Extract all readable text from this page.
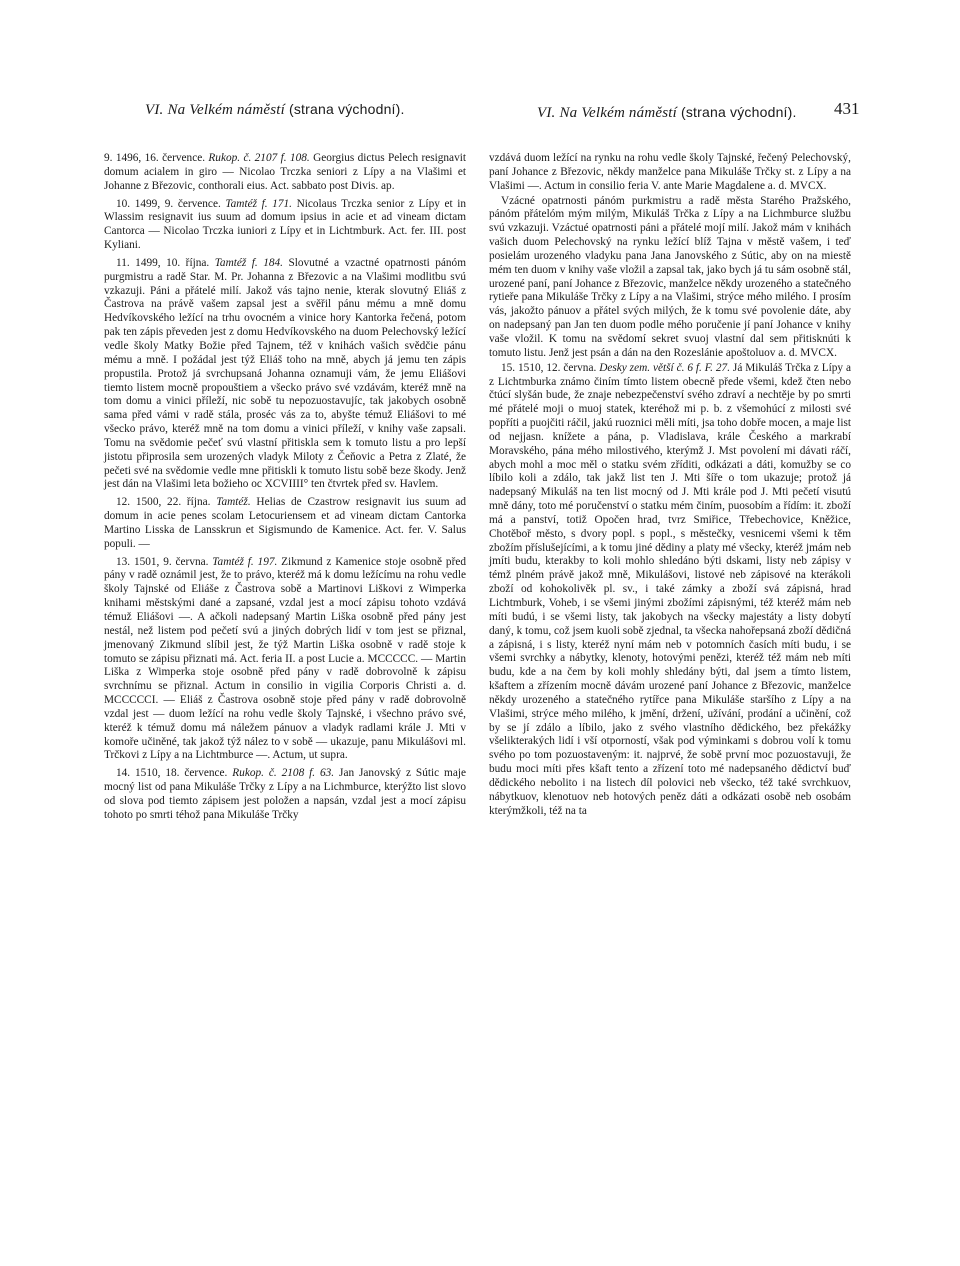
VI. Na Velkém náměstí (strana východní).	VI. Na Velkém náměstí (strana východní). 431

9. 1496, 16. července. Rukop. č. 2107 f. 108. Georgius dictus Pelech resignavit domum acialem in giro — Nicolao Trczka seniori z Lípy a na Vlašimi et Johanne z Březovic, conthorali eius. Act. sabbato post Divis. ap.

10. 1499, 9. července. Tamtéž f. 171. Nicolaus Trczka senior z Lípy et in Wlassim resignavit ius suum ad domum ipsius in acie et ad vineam dictam Cantorca — Nicolao Trczka iuniori z Lípy et in Lichtmburk. Act. fer. III. post Kyliani.

11. 1499, 10. října. Tamtéž f. 184. Slovutné a vzactné opatrnosti pánóm purgmistru a radě Star. M. Pr. Johanna z Březovic a na Vlašimi modlitbu svú vzkazuji. Páni a přátelé milí. Jakož vás tajno nenie, kterak slovutný Eliáš z Častrova na právě vašem zapsal jest a svěřil pánu mému a mně domu Hedvíkovského ležící na trhu ovocném a vinice hory Kantorka řečená, potom pak ten zápis převeden jest z domu Hedvíkovského na duom Pelechovský ležící vedle školy Matky Božie před Tajnem, též v knihách vašich svědčie pánu mému a mně. I požádal jest týž Eliáš toho na mně, abych já jemu ten zápis propustila. Protož já svrchupsaná Johanna oznamuji vám, že jemu Eliášovi tiemto listem mocně propouštiem a všecko právo své vzdávám, kteréž mně na tom domu a vinici příleží, nic sobě tu nepozuostavujíc, tak jakobych osobně sama před vámi v radě stála, proséc vás za to, abyšte témuž Eliášovi to mé všecko právo, kteréž mně na tom domu a vinici příleží, v knihy vaše zapsali. Tomu na svědomie pečeť svú vlastní přitiskla sem k tomuto listu a pro lepší jistotu připrosila sem urozených vladyk Miloty z Čeňovic a Petra z Zlaté, že pečeti své na svědomie vedle mne přitiskli k tomuto listu sobě beze škody. Jenž jest dán na Vlašimi leta božieho oc XCVIIII° ten čtvrtek před sv. Havlem.

12. 1500, 22. října. Tamtéž. Helias de Czastrow resignavit ius suum ad domum in acie penes scolam Letocuriensem et ad vineam dictam Cantorka Martino Lisska de Lansskrun et Sigismundo de Kamenice. Act. fer. V. Salus populi. —

13. 1501, 9. června. Tamtéž f. 197. Zikmund z Kamenice stoje osobně před pány v radě oznámil jest, že to právo, kteréž má k domu ležícímu na rohu vedle školy Tajnské od Eliáše z Častrova sobě a Martinovi Liškovi z Wimperka knihami městskými dané a zapsané, vzdal jest a mocí zápisu tohoto vzdává témuž Eliášovi —. A ačkoli nadepsaný Martin Liška osobně před pány jest nestál, než listem pod pečetí svú a jiných dobrých lidí v tom jest se přiznal, jmenovaný Zikmund slíbil jest, že týž Martin Liška osobně v radě stoje k tomuto se zápisu přiznati má. Act. feria II. a post Lucie a. MCCCCC. — Martin Liška z Wimperka stoje osobně před pány v radě dobrovolně k zápisu svrchnímu se přiznal. Actum in consilio in vigilia Corporis Christi a. d. MCCCCCI. — Eliáš z Častrova osobně stoje před pány v radě dobrovolně vzdal jest — duom ležící na rohu vedle školy Tajnské, i všechno právo své, kteréž k témuž domu má náležem pánuov a vladyk radlami krále J. Mti v komoře učiněné, tak jakož týž nález to v sobě — ukazuje, panu Mikulášovi ml. Trčkovi z Lípy a na Lichtmburce —. Actum, ut supra.

14. 1510, 18. července. Rukop. č. 2108 f. 63. Jan Janovský z Sútic maje mocný list od pana Mikuláše Trčky z Lípy a na Lichmburce, kterýžto list slovo od slova pod tiemto zápisem jest položen a napsán, vzdal jest a mocí zápisu tohoto po smrti téhož pana Mikuláše Trčky

vzdává duom ležící na rynku na rohu vedle školy Tajnské, řečený Pelechovský, paní Johance z Březovic, někdy manželce pana Mikuláše Trčky st. z Lípy a na Vlašimi —. Actum in consilio feria V. ante Marie Magdalene a. d. MVCX.

Vzácné opatrnosti pánóm purkmistru a radě města Starého Pražského, pánóm přátelóm mým milým, Mikuláš Trčka z Lípy a na Lichmburce službu svú vzkazuji. Vzáctué opatrnosti páni a přátelé mojí milí. Jakož mám v knihách vašich duom Pelechovský na rynku ležící blíž Tajna v městě vašem, i teď posielám urozeného vladyku pana Jana Janovského z Sútic, aby on na miestě mém ten duom v knihy vaše vložil a zapsal tak, jako bych já tu sám osobně stál, urozené paní, paní Johance z Březovic, manželce někdy urozeného a statečného rytieře pana Mikuláše Trčky z Lípy a na Vlašimi, strýce mého milého. I prosím vás, jakožto pánuov a přátel svých milých, že k tomu své povolenie dáte, aby on nadepsaný pan Jan ten duom podle mého poručenie jí paní Johance v knihy vaše vložil. K tomu na svědomí sekret svuoj vlastní dal sem přitisknúti k tomuto listu. Jenž jest psán a dán na den Rozeslánie apoštoluov a. d. MVCX.

15. 1510, 12. června. Desky zem. větší č. 6 f. F. 27. Já Mikuláš Trčka z Lípy a z Lichtmburka známo činím tímto listem obecně přede všemi, kdež čten nebo čtúcí slyšán bude, že znaje nebezpečenství svého zdraví a nechtěje by po smrti mé přátelé moji o muoj statek, kteréhož mi p. b. z všemohúcí z milosti své popříti a puojčiti ráčil, jakú ruoznici měli míti, jsa toho dobře mocen, a maje list od nejjasn. knížete a pána, p. Vladislava, krále Českého a markrabí Moravského, pána mého milostivého, kterýmž J. Mst povolení mi dávati ráčí, abych mohl a moc měl o statku svém zříditi, odkázati a dáti, komužby se co líbilo koli a zdálo, tak jakž list ten J. Mti šíře o tom ukazuje; protož já nadepsaný Mikuláš na ten list mocný od J. Mti krále pod J. Mti pečetí visutú mně dány, toto mé poručenství o statku mém činím, puosobím a řídím: it. zboží má a panství, totiž Opočen hrad, tvrz Smiřice, Třebechovice, Kněžice, Chotěboř město, s dvory popl. s popl., s městečky, vesnicemi všemi k těm zbožím příslušejícími, a k tomu jiné dědiny a platy mé všecky, kteréž jmám neb jmíti budu, kterakby to koli mohlo shledáno býti dskami, listy neb zápisy v témž plném právě jakož mně, Mikulášovi, listové neb zápisové na kterákoli zboží od kohokolivěk pl. sv., i také zámky a zboží svá zápisná, hrad Lichtmburk, Voheb, i se všemi jinými zbožími zápisnými, též kteréž mám neb míti budú, i se všemi listy, tak jakobych na všecky majestáty a listy dobytí daný, k tomu, což jsem kuoli sobě zjednal, ta všecka nahořepsaná zboží dědičná a zápisná, i s listy, kteréž nyní mám neb v potomních časích míti budu, i se všemi svrchky a nábytky, klenoty, hotovými penězi, kteréž též mám neb míti budu, kde a na čem by koli mohly shledány býti, dal jsem a tímto listem, kšaftem a zřízením mocně dávám urozené paní Johance z Březovic, manželce někdy urozeného a statečného rytířce pana Mikuláše staršího z Lípy a na Vlašimi, strýce mého milého, k jmění, držení, užívání, prodání a učinění, což by se jí zdálo a líbilo, jako z svého vlastního dědického, bez překážky všelikterakých lidí i vší otporností, však pod výminkami s dobrou volí k tomu svého po tom pozuostaveným: it. najprvé, že sobě první moc pozuostavuji, že budu moci míti přes kšaft tento a zřízení toto mé nadepsaného dědictví buď dědického nebolito i na listech díl polovici neb všecko, též také svrchkuov, nábytkuov, klenotuov neb hotových peněz dáti a odkázati osobě neb osobám kterýmžkoli, též na ta
